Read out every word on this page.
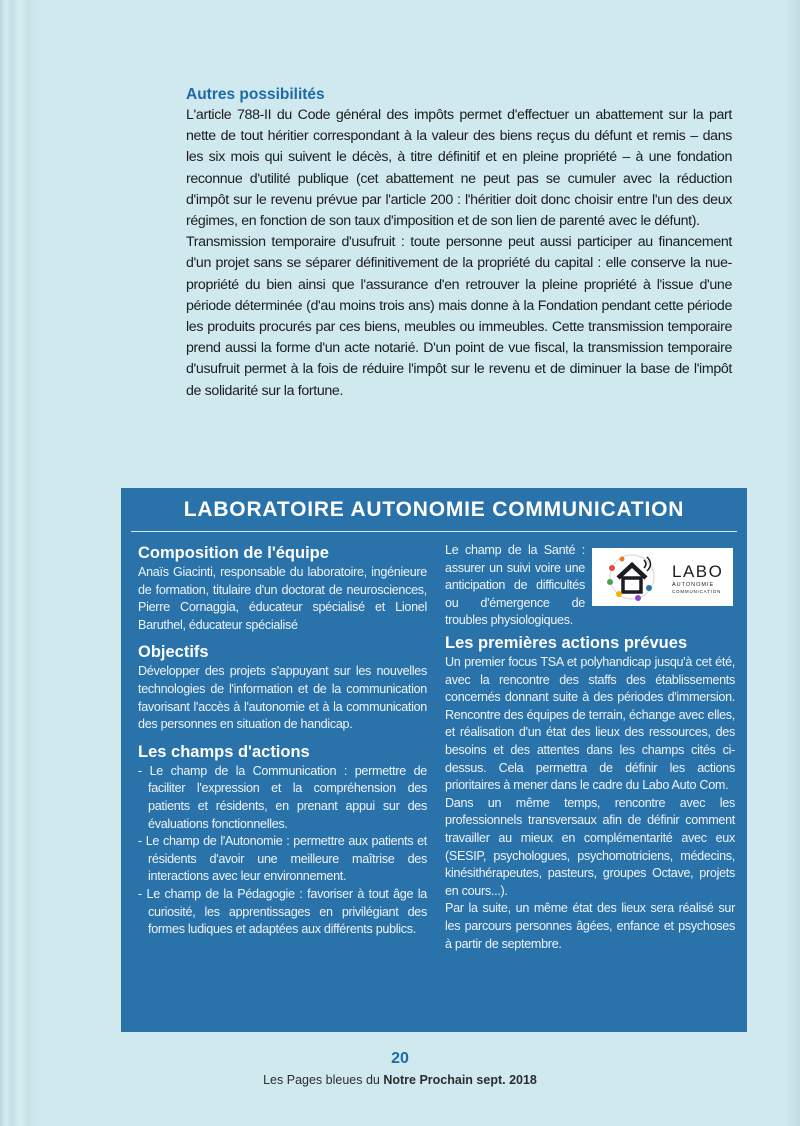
Autres possibilités

L'article 788-II du Code général des impôts permet d'effectuer un abattement sur la part nette de tout héritier correspondant à la valeur des biens reçus du défunt et remis – dans les six mois qui suivent le décès, à titre définitif et en pleine propriété – à une fondation reconnue d'utilité publique (cet abattement ne peut pas se cumuler avec la réduction d'impôt sur le revenu prévue par l'article 200 : l'héritier doit donc choisir entre l'un des deux régimes, en fonction de son taux d'imposition et de son lien de parenté avec le défunt).

Transmission temporaire d'usufruit : toute personne peut aussi participer au financement d'un projet sans se séparer définitivement de la propriété du capital : elle conserve la nue-propriété du bien ainsi que l'assurance d'en retrouver la pleine propriété à l'issue d'une période déterminée (d'au moins trois ans) mais donne à la Fondation pendant cette période les produits procurés par ces biens, meubles ou immeubles. Cette transmission temporaire prend aussi la forme d'un acte notarié. D'un point de vue fiscal, la transmission temporaire d'usufruit permet à la fois de réduire l'impôt sur le revenu et de diminuer la base de l'impôt de solidarité sur la fortune.

LABORATOIRE AUTONOMIE COMMUNICATION
Composition de l'équipe

Anaïs Giacinti, responsable du laboratoire, ingénieure de formation, titulaire d'un doctorat de neurosciences, Pierre Cornaggia, éducateur spécialisé et Lionel Baruthel, éducateur spécialisé

Objectifs

Développer des projets s'appuyant sur les nouvelles technologies de l'information et de la communication favorisant l'accès à l'autonomie et à la communication des personnes en situation de handicap.

Les champs d'actions

- Le champ de la Communication : permettre de faciliter l'expression et la compréhension des patients et résidents, en prenant appui sur des évaluations fonctionnelles.

- Le champ de l'Autonomie : permettre aux patients et résidents d'avoir une meilleure maîtrise des interactions avec leur environnement.

- Le champ de la Pédagogie : favoriser à tout âge la curiosité, les apprentissages en privilégiant des formes ludiques et adaptées aux différents publics.

Le champ de la Santé : assurer un suivi voire une anticipation de difficultés ou d'émergence de troubles physiologiques.

LABO
AUTONOMIE
COMMUNICATION
Les premières actions prévues

Un premier focus TSA et polyhandicap jusqu'à cet été, avec la rencontre des staffs des établissements concernés donnant suite à des périodes d'immersion. Rencontre des équipes de terrain, échange avec elles, et réalisation d'un état des lieux des ressources, des besoins et des attentes dans les champs cités ci-dessus. Cela permettra de définir les actions prioritaires à mener dans le cadre du Labo Auto Com.

Dans un même temps, rencontre avec les professionnels transversaux afin de définir comment travailler au mieux en complémentarité avec eux (SESIP, psychologues, psychomotriciens, médecins, kinésithérapeutes, pasteurs, groupes Octave, projets en cours...).

Par la suite, un même état des lieux sera réalisé sur les parcours personnes âgées, enfance et psychoses à partir de septembre.

20
Les Pages bleues du Notre Prochain sept. 2018
